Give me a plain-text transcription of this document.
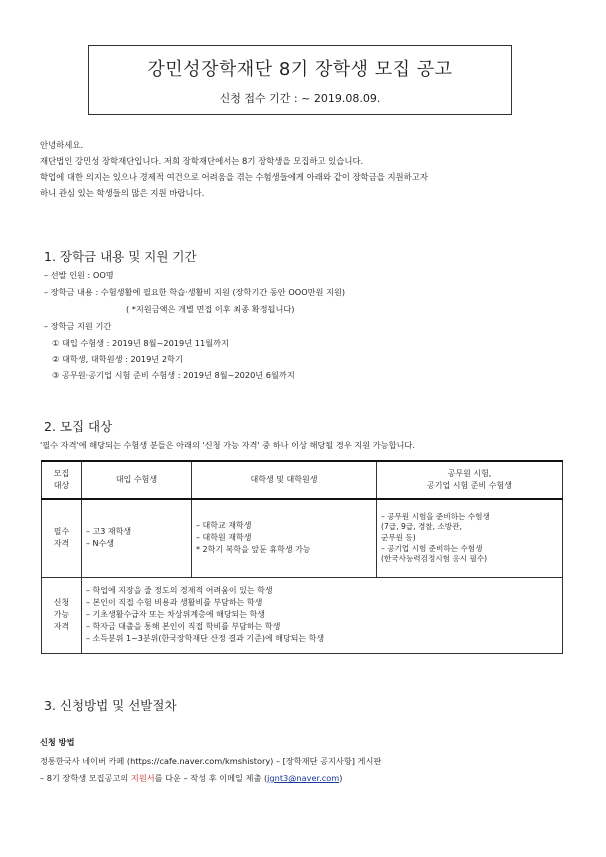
강민성장학재단 8기 장학생 모집 공고
신청 접수 기간 : ~ 2019.08.09.
안녕하세요.
재단법인 강민성 장학재단입니다. 저희 장학재단에서는 8기 장학생을 모집하고 있습니다.
학업에 대한 의지는 있으나 경제적 여건으로 어려움을 겪는 수험생들에게 아래와 같이 장학금을 지원하고자
하니 관심 있는 학생들의 많은 지원 바랍니다.
1. 장학금 내용 및 지원 기간
– 선발 인원 : OO명
– 장학금 내용 : 수험생활에 필요한 학습·생활비 지원 (장학기간 동안 OOO만원 지원)
( *지원금액은 개별 면접 이후 최종 확정됩니다)
– 장학금 지원 기간
① 대입 수험생 : 2019년 8월~2019년 11월까지
② 대학생, 대학원생 : 2019년 2학기
③ 공무원·공기업 시험 준비 수험생 : 2019년 8월~2020년 6월까지
2. 모집 대상
'필수 자격'에 해당되는 수험생 분들은 아래의 '신청 가능 자격' 중 하나 이상 해당될 경우 지원 가능합니다.
모집
대상	대입 수험생	대학생 및 대학원생	공무원 시험,
공기업 시험 준비 수험생
필수
자격	– 고3 재학생
– N수생	– 대학교 재학생
– 대학원 재학생
* 2학기 복학을 앞둔 휴학생 가능	– 공무원 시험을 준비하는 수험생
(7급, 9급, 경찰, 소방관,
군무원 등)
– 공기업 시험 준비하는 수험생
(한국사능력검정시험 응시 필수)
신청
가능
자격	– 학업에 지장을 줄 정도의 경제적 어려움이 있는 학생
– 본인이 직접 수험 비용과 생활비를 부담하는 학생
– 기초생활수급자 또는 차상위계층에 해당되는 학생
– 학자금 대출을 통해 본인이 직접 학비를 부담하는 학생
– 소득분위 1~3분위(한국장학재단 산정 결과 기준)에 해당되는 학생		
3. 신청방법 및 선발절차
신청 방법
정통한국사 네이버 카페 (https://cafe.naver.com/kmshistory) – [장학재단 공지사항] 게시판
– 8기 장학생 모집공고의 지원서를 다운 – 작성 후 이메일 제출 (jgnt3@naver.com)
